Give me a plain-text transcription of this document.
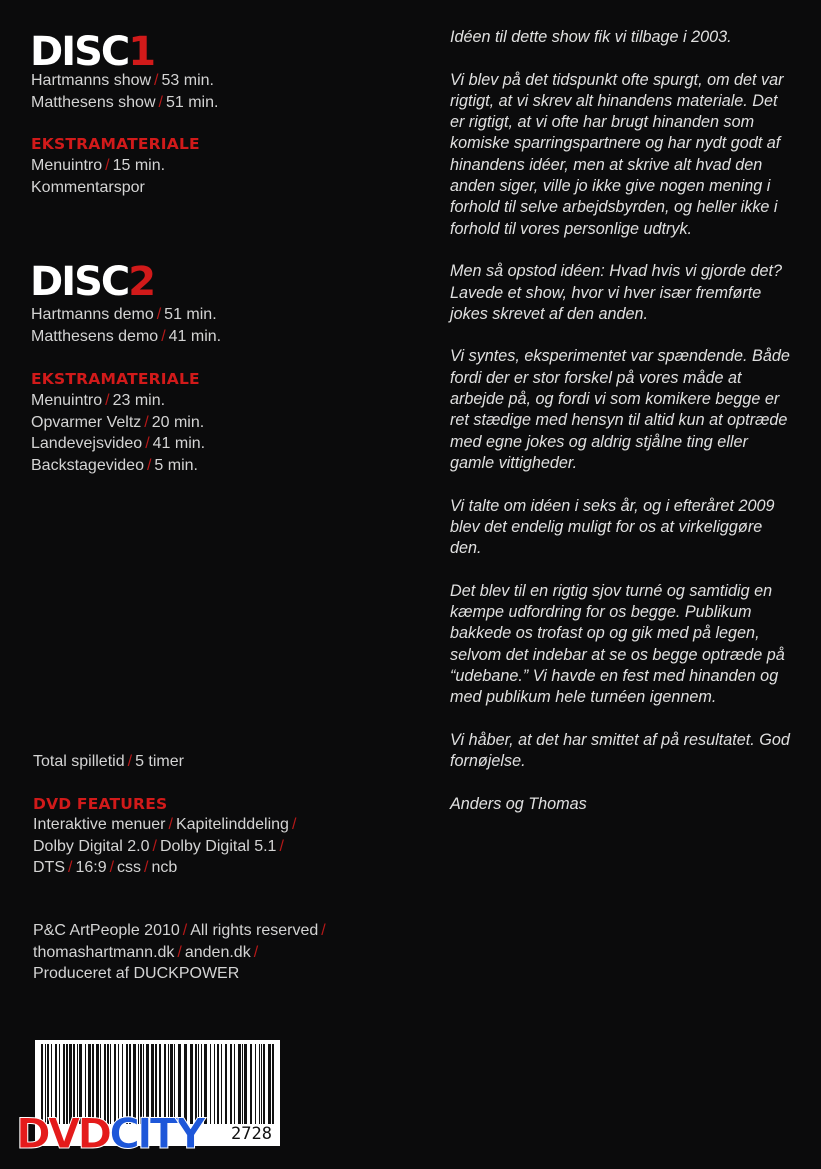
DISC1
Hartmanns show / 53 min.
Matthesens show / 51 min.
EKSTRAMATERIALE
Menuintro / 15 min.
Kommentarspor
DISC2
Hartmanns demo / 51 min.
Matthesens demo / 41 min.
EKSTRAMATERIALE
Menuintro / 23 min.
Opvarmer Veltz / 20 min.
Landevejsvideo / 41 min.
Backstagevideo / 5 min.
Total spilletid / 5 timer
DVD FEATURES
Interaktive menuer / Kapitelinddeling /
Dolby Digital 2.0 / Dolby Digital 5.1 /
DTS / 16:9 / css / ncb
P&C ArtPeople 2010 / All rights reserved /
thomashartmann.dk / anden.dk /
Produceret af DUCKPOWER
2728
DVDCITY ©

Idéen til dette show fik vi tilbage i 2003.

Vi blev på det tidspunkt ofte spurgt, om det var rigtigt, at vi skrev alt hinandens materiale. Det er rigtigt, at vi ofte har brugt hinanden som komiske sparringspartnere og har nydt godt af hinandens idéer, men at skrive alt hvad den anden siger, ville jo ikke give nogen mening i forhold til selve arbejdsbyrden, og heller ikke i forhold til vores personlige udtryk.

Men så opstod idéen: Hvad hvis vi gjorde det? Lavede et show, hvor vi hver især fremførte jokes skrevet af den anden.

Vi syntes, eksperimentet var spændende. Både fordi der er stor forskel på vores måde at arbejde på, og fordi vi som komikere begge er ret stædige med hensyn til altid kun at optræde med egne jokes og aldrig stjålne ting eller gamle vittigheder.

Vi talte om idéen i seks år, og i efteråret 2009 blev det endelig muligt for os at virkeliggøre den.

Det blev til en rigtig sjov turné og samtidig en kæmpe udfordring for os begge. Publikum bakkede os trofast op og gik med på legen, selvom det indebar at se os begge optræde på “udebane.” Vi havde en fest med hinanden og med publikum hele turnéen igennem.

Vi håber, at det har smittet af på resultatet. God fornøjelse.

Anders og Thomas
